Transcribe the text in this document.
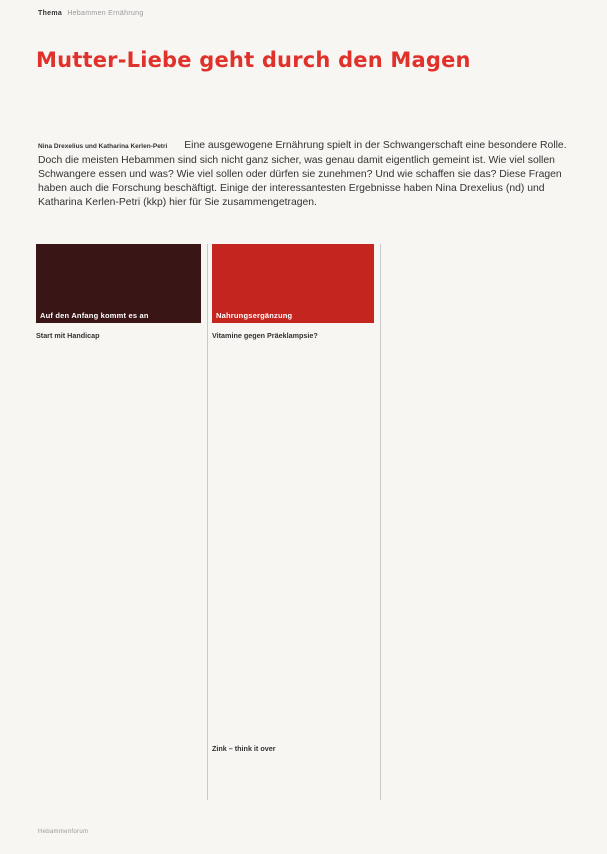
Thema Hebammen Ernährung
Mutter-Liebe geht durch den Magen
Nina Drexelius und Katharina Kerlen-Petri Eine ausgewogene Ernährung spielt in der Schwangerschaft eine besondere Rolle. Doch die meisten Hebammen sind sich nicht ganz sicher, was genau damit eigentlich gemeint ist. Wie viel sollen Schwangere essen und was? Wie viel sollen oder dürfen sie zunehmen? Und wie schaffen sie das? Diese Fragen haben auch die Forschung beschäftigt. Einige der interessantesten Ergebnisse haben Nina Drexelius (nd) und Katharina Kerlen-Petri (kkp) hier für Sie zusammengetragen.
Auf den Anfang kommt es an

Start mit Handicap

Nahrungsergänzung

Vitamine gegen Präeklampsie?

Zink – think it over

Hebammenforum
